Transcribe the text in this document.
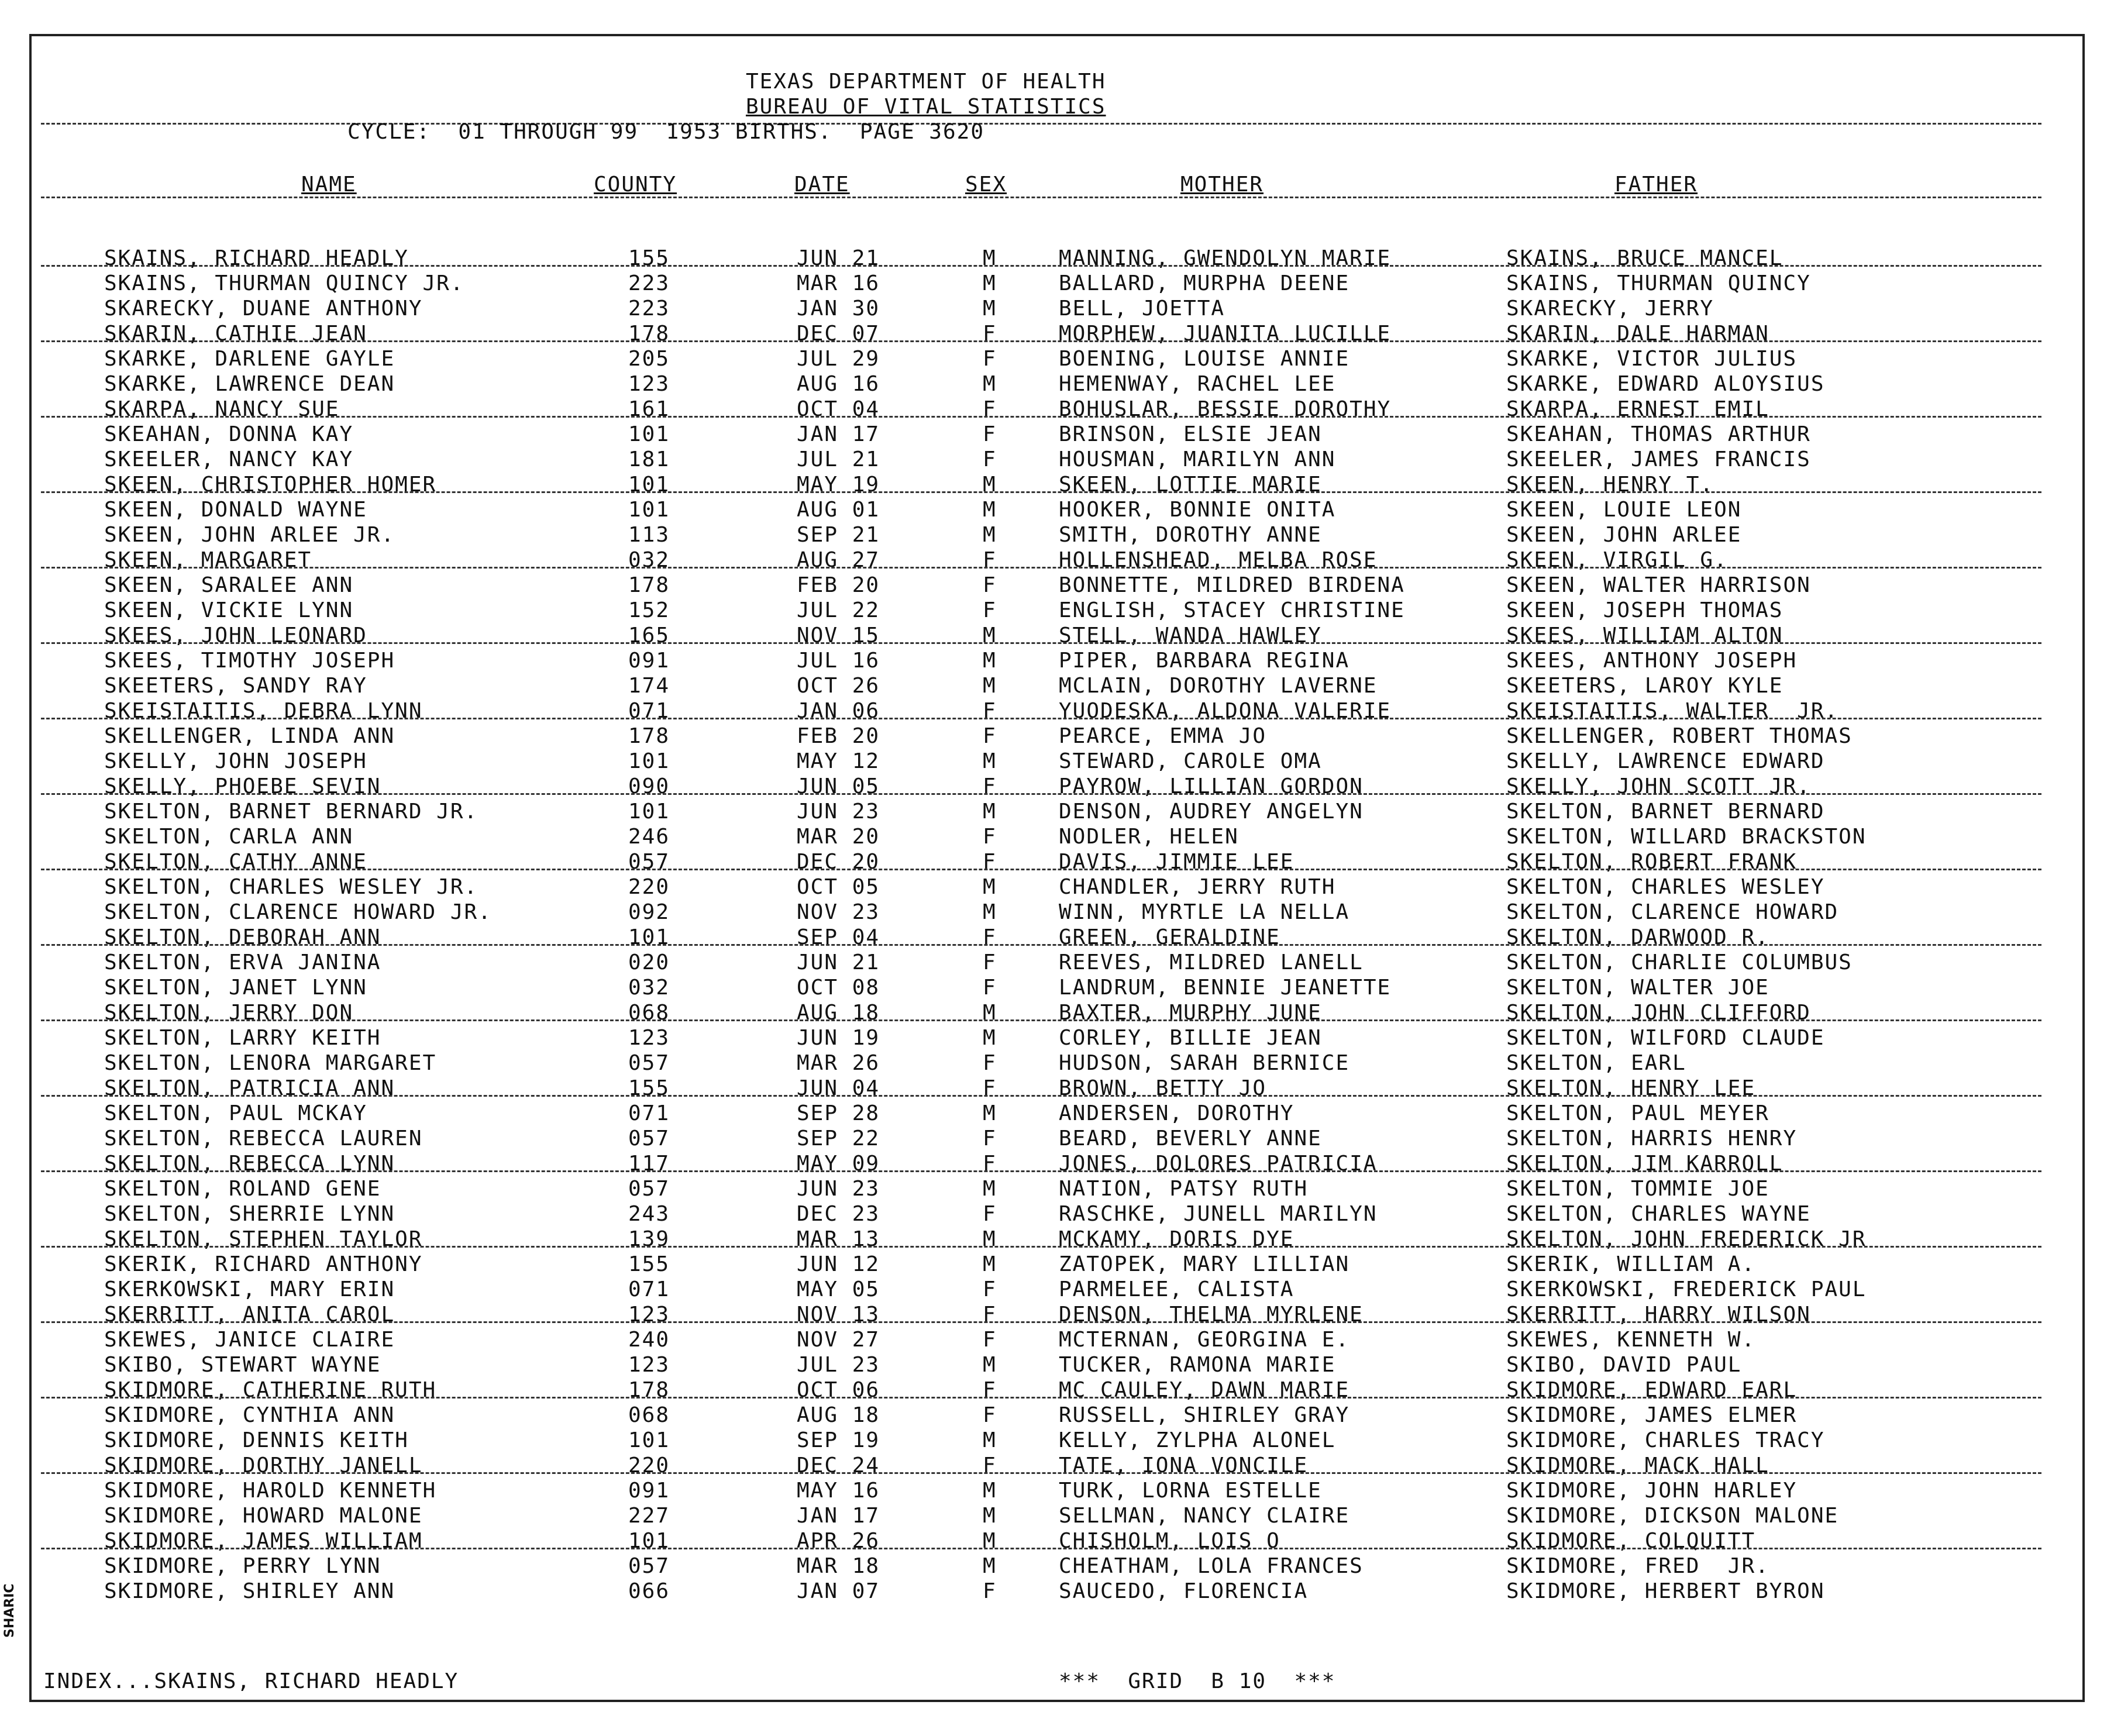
TEXAS DEPARTMENT OF HEALTH
BUREAU OF VITAL STATISTICS
CYCLE:  01 THROUGH 99  1953 BIRTHS.  PAGE 3620
NAME	COUNTY	DATE	SEX	MOTHER	FATHER
SKAINS, RICHARD HEADLY	155	JUN 21	M	MANNING, GWENDOLYN MARIE	SKAINS, BRUCE MANCEL
SKAINS, THURMAN QUINCY JR.	223	MAR 16	M	BALLARD, MURPHA DEENE	SKAINS, THURMAN QUINCY
SKARECKY, DUANE ANTHONY	223	JAN 30	M	BELL, JOETTA	SKARECKY, JERRY
SKARIN, CATHIE JEAN	178	DEC 07	F	MORPHEW, JUANITA LUCILLE	SKARIN, DALE HARMAN
SKARKE, DARLENE GAYLE	205	JUL 29	F	BOENING, LOUISE ANNIE	SKARKE, VICTOR JULIUS
SKARKE, LAWRENCE DEAN	123	AUG 16	M	HEMENWAY, RACHEL LEE	SKARKE, EDWARD ALOYSIUS
SKARPA, NANCY SUE	161	OCT 04	F	BOHUSLAR, BESSIE DOROTHY	SKARPA, ERNEST EMIL
SKEAHAN, DONNA KAY	101	JAN 17	F	BRINSON, ELSIE JEAN	SKEAHAN, THOMAS ARTHUR
SKEELER, NANCY KAY	181	JUL 21	F	HOUSMAN, MARILYN ANN	SKEELER, JAMES FRANCIS
SKEEN, CHRISTOPHER HOMER	101	MAY 19	M	SKEEN, LOTTIE MARIE	SKEEN, HENRY T.
SKEEN, DONALD WAYNE	101	AUG 01	M	HOOKER, BONNIE ONITA	SKEEN, LOUIE LEON
SKEEN, JOHN ARLEE JR.	113	SEP 21	M	SMITH, DOROTHY ANNE	SKEEN, JOHN ARLEE
SKEEN, MARGARET	032	AUG 27	F	HOLLENSHEAD, MELBA ROSE	SKEEN, VIRGIL G.
SKEEN, SARALEE ANN	178	FEB 20	F	BONNETTE, MILDRED BIRDENA	SKEEN, WALTER HARRISON
SKEEN, VICKIE LYNN	152	JUL 22	F	ENGLISH, STACEY CHRISTINE	SKEEN, JOSEPH THOMAS
SKEES, JOHN LEONARD	165	NOV 15	M	STELL, WANDA HAWLEY	SKEES, WILLIAM ALTON
SKEES, TIMOTHY JOSEPH	091	JUL 16	M	PIPER, BARBARA REGINA	SKEES, ANTHONY JOSEPH
SKEETERS, SANDY RAY	174	OCT 26	M	MCLAIN, DOROTHY LAVERNE	SKEETERS, LAROY KYLE
SKEISTAITIS, DEBRA LYNN	071	JAN 06	F	YUODESKA, ALDONA VALERIE	SKEISTAITIS, WALTER  JR.
SKELLENGER, LINDA ANN	178	FEB 20	F	PEARCE, EMMA JO	SKELLENGER, ROBERT THOMAS
SKELLY, JOHN JOSEPH	101	MAY 12	M	STEWARD, CAROLE OMA	SKELLY, LAWRENCE EDWARD
SKELLY, PHOEBE SEVIN	090	JUN 05	F	PAYROW, LILLIAN GORDON	SKELLY, JOHN SCOTT JR.
SKELTON, BARNET BERNARD JR.	101	JUN 23	M	DENSON, AUDREY ANGELYN	SKELTON, BARNET BERNARD
SKELTON, CARLA ANN	246	MAR 20	F	NODLER, HELEN	SKELTON, WILLARD BRACKSTON
SKELTON, CATHY ANNE	057	DEC 20	F	DAVIS, JIMMIE LEE	SKELTON, ROBERT FRANK
SKELTON, CHARLES WESLEY JR.	220	OCT 05	M	CHANDLER, JERRY RUTH	SKELTON, CHARLES WESLEY
SKELTON, CLARENCE HOWARD JR.	092	NOV 23	M	WINN, MYRTLE LA NELLA	SKELTON, CLARENCE HOWARD
SKELTON, DEBORAH ANN	101	SEP 04	F	GREEN, GERALDINE	SKELTON, DARWOOD R.
SKELTON, ERVA JANINA	020	JUN 21	F	REEVES, MILDRED LANELL	SKELTON, CHARLIE COLUMBUS
SKELTON, JANET LYNN	032	OCT 08	F	LANDRUM, BENNIE JEANETTE	SKELTON, WALTER JOE
SKELTON, JERRY DON	068	AUG 18	M	BAXTER, MURPHY JUNE	SKELTON, JOHN CLIFFORD
SKELTON, LARRY KEITH	123	JUN 19	M	CORLEY, BILLIE JEAN	SKELTON, WILFORD CLAUDE
SKELTON, LENORA MARGARET	057	MAR 26	F	HUDSON, SARAH BERNICE	SKELTON, EARL
SKELTON, PATRICIA ANN	155	JUN 04	F	BROWN, BETTY JO	SKELTON, HENRY LEE
SKELTON, PAUL MCKAY	071	SEP 28	M	ANDERSEN, DOROTHY	SKELTON, PAUL MEYER
SKELTON, REBECCA LAUREN	057	SEP 22	F	BEARD, BEVERLY ANNE	SKELTON, HARRIS HENRY
SKELTON, REBECCA LYNN	117	MAY 09	F	JONES, DOLORES PATRICIA	SKELTON, JIM KARROLL
SKELTON, ROLAND GENE	057	JUN 23	M	NATION, PATSY RUTH	SKELTON, TOMMIE JOE
SKELTON, SHERRIE LYNN	243	DEC 23	F	RASCHKE, JUNELL MARILYN	SKELTON, CHARLES WAYNE
SKELTON, STEPHEN TAYLOR	139	MAR 13	M	MCKAMY, DORIS DYE	SKELTON, JOHN FREDERICK JR
SKERIK, RICHARD ANTHONY	155	JUN 12	M	ZATOPEK, MARY LILLIAN	SKERIK, WILLIAM A.
SKERKOWSKI, MARY ERIN	071	MAY 05	F	PARMELEE, CALISTA	SKERKOWSKI, FREDERICK PAUL
SKERRITT, ANITA CAROL	123	NOV 13	F	DENSON, THELMA MYRLENE	SKERRITT, HARRY WILSON
SKEWES, JANICE CLAIRE	240	NOV 27	F	MCTERNAN, GEORGINA E.	SKEWES, KENNETH W.
SKIBO, STEWART WAYNE	123	JUL 23	M	TUCKER, RAMONA MARIE	SKIBO, DAVID PAUL
SKIDMORE, CATHERINE RUTH	178	OCT 06	F	MC CAULEY, DAWN MARIE	SKIDMORE, EDWARD EARL
SKIDMORE, CYNTHIA ANN	068	AUG 18	F	RUSSELL, SHIRLEY GRAY	SKIDMORE, JAMES ELMER
SKIDMORE, DENNIS KEITH	101	SEP 19	M	KELLY, ZYLPHA ALONEL	SKIDMORE, CHARLES TRACY
SKIDMORE, DORTHY JANELL	220	DEC 24	F	TATE, IONA VONCILE	SKIDMORE, MACK HALL
SKIDMORE, HAROLD KENNETH	091	MAY 16	M	TURK, LORNA ESTELLE	SKIDMORE, JOHN HARLEY
SKIDMORE, HOWARD MALONE	227	JAN 17	M	SELLMAN, NANCY CLAIRE	SKIDMORE, DICKSON MALONE
SKIDMORE, JAMES WILLIAM	101	APR 26	M	CHISHOLM, LOIS O	SKIDMORE, COLQUITT
SKIDMORE, PERRY LYNN	057	MAR 18	M	CHEATHAM, LOLA FRANCES	SKIDMORE, FRED  JR.
SKIDMORE, SHIRLEY ANN	066	JAN 07	F	SAUCEDO, FLORENCIA	SKIDMORE, HERBERT BYRON
INDEX...SKAINS, RICHARD HEADLY	***  GRID  B 10  ***
SHARIC
